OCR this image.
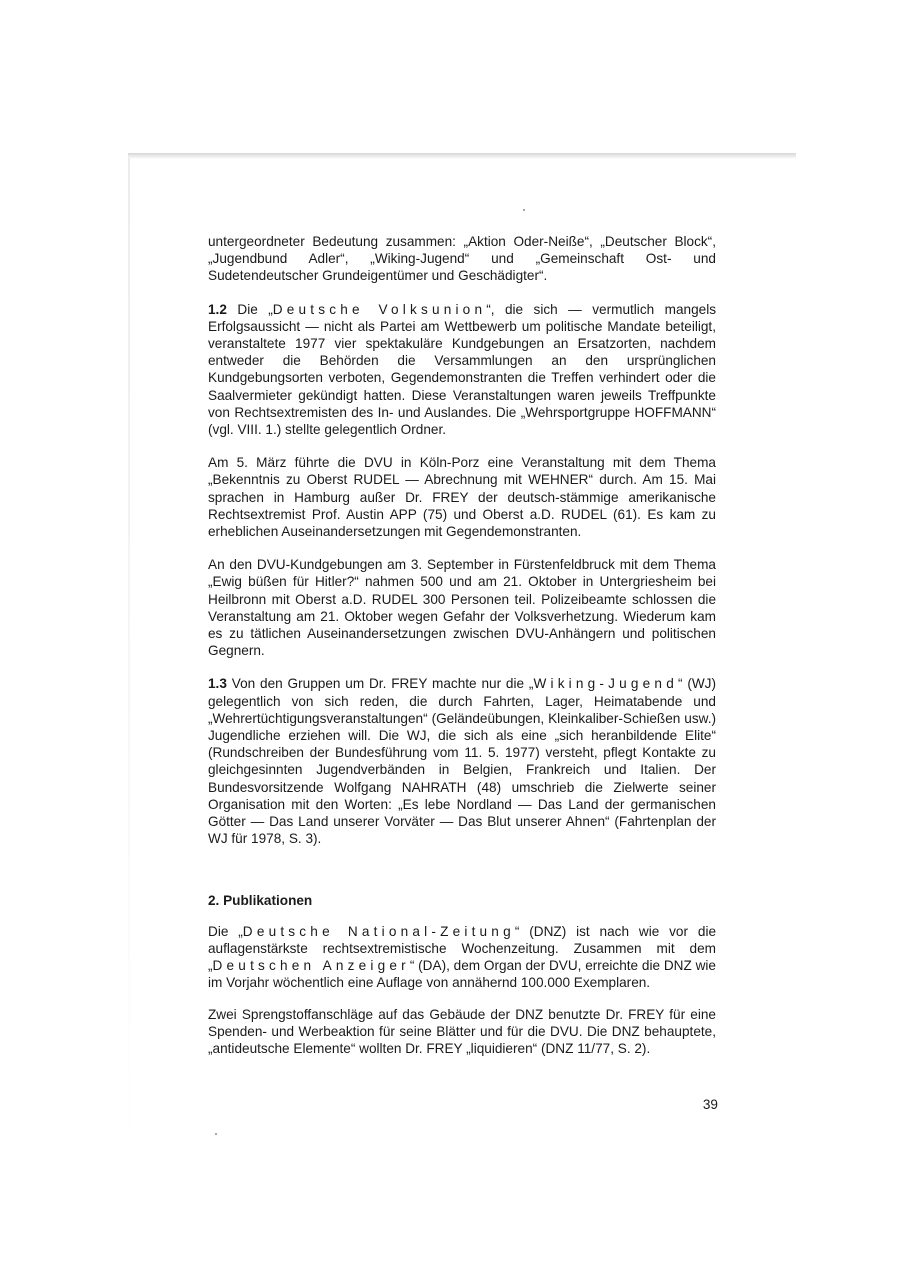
untergeordneter Bedeutung zusammen: „Aktion Oder-Neiße“, „Deutscher Block“, „Jugendbund Adler“, „Wiking-Jugend“ und „Gemeinschaft Ost- und Sudetendeutscher Grundeigentümer und Geschädigter“.

1.2 Die „Deutsche Volksunion“, die sich — vermutlich mangels Erfolgsaussicht — nicht als Partei am Wettbewerb um politische Mandate beteiligt, veranstaltete 1977 vier spektakuläre Kundgebungen an Ersatzorten, nachdem entweder die Behörden die Versammlungen an den ursprünglichen Kundgebungsorten verboten, Gegendemonstranten die Treffen verhindert oder die Saalvermieter gekündigt hatten. Diese Veranstaltungen waren jeweils Treffpunkte von Rechtsextremisten des In- und Auslandes. Die „Wehrsportgruppe HOFFMANN“ (vgl. VIII. 1.) stellte gelegentlich Ordner.

Am 5. März führte die DVU in Köln-Porz eine Veranstaltung mit dem Thema „Bekenntnis zu Oberst RUDEL — Abrechnung mit WEHNER“ durch. Am 15. Mai sprachen in Hamburg außer Dr. FREY der deutsch-stämmige amerikanische Rechtsextremist Prof. Austin APP (75) und Oberst a.D. RUDEL (61). Es kam zu erheblichen Auseinandersetzungen mit Gegendemonstranten.

An den DVU-Kundgebungen am 3. September in Fürstenfeldbruck mit dem Thema „Ewig büßen für Hitler?“ nahmen 500 und am 21. Oktober in Untergriesheim bei Heilbronn mit Oberst a.D. RUDEL 300 Personen teil. Polizeibeamte schlossen die Veranstaltung am 21. Oktober wegen Gefahr der Volksverhetzung. Wiederum kam es zu tätlichen Auseinandersetzungen zwischen DVU-Anhängern und politischen Gegnern.

1.3 Von den Gruppen um Dr. FREY machte nur die „Wiking-Jugend“ (WJ) gelegentlich von sich reden, die durch Fahrten, Lager, Heimatabende und „Wehrertüchtigungsveranstaltungen“ (Geländeübungen, Kleinkaliber-Schießen usw.) Jugendliche erziehen will. Die WJ, die sich als eine „sich heranbildende Elite“ (Rundschreiben der Bundesführung vom 11. 5. 1977) versteht, pflegt Kontakte zu gleichgesinnten Jugendverbänden in Belgien, Frankreich und Italien. Der Bundesvorsitzende Wolfgang NAHRATH (48) umschrieb die Zielwerte seiner Organisation mit den Worten: „Es lebe Nordland — Das Land der germanischen Götter — Das Land unserer Vorväter — Das Blut unserer Ahnen“ (Fahrtenplan der WJ für 1978, S. 3).

2. Publikationen

Die „Deutsche National-Zeitung“ (DNZ) ist nach wie vor die auflagenstärkste rechtsextremistische Wochenzeitung. Zusammen mit dem „Deutschen Anzeiger“ (DA), dem Organ der DVU, erreichte die DNZ wie im Vorjahr wöchentlich eine Auflage von annähernd 100.000 Exemplaren.

Zwei Sprengstoffanschläge auf das Gebäude der DNZ benutzte Dr. FREY für eine Spenden- und Werbeaktion für seine Blätter und für die DVU. Die DNZ behauptete, „antideutsche Elemente“ wollten Dr. FREY „liquidieren“ (DNZ 11/77, S. 2).

39
